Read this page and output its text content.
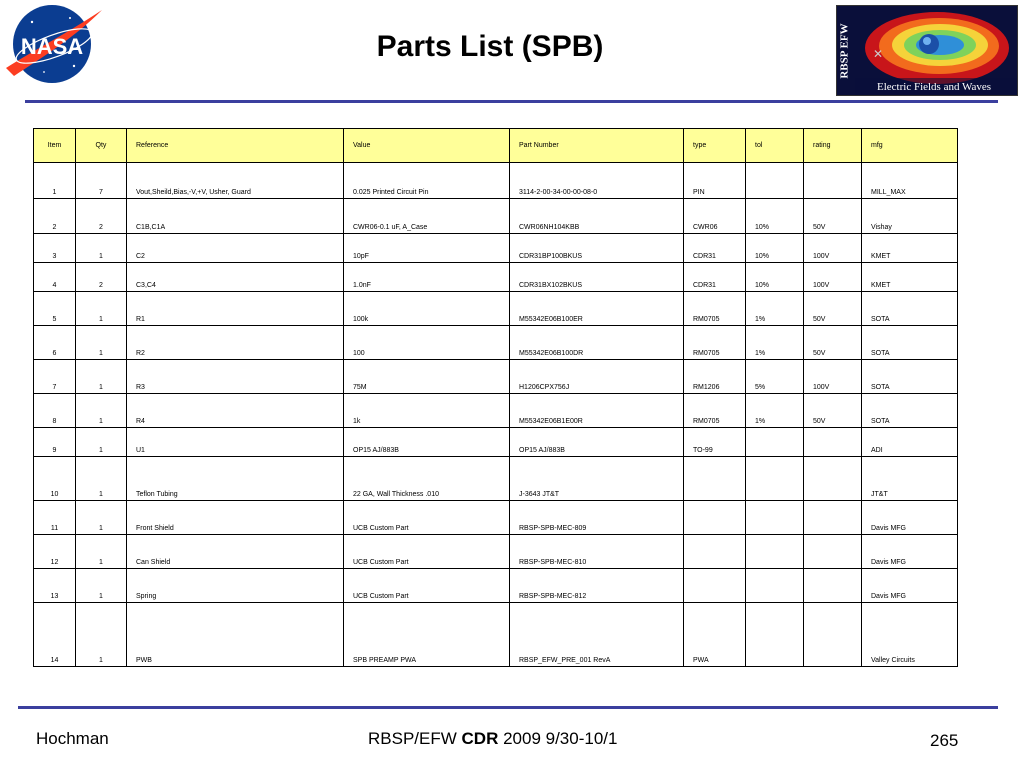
NASA	Parts List (SPB)	RBSP EFW ✕
Electric Fields and Waves
Item	Qty	Reference	Value	Part Number	type	tol	rating	mfg
1	7	Vout,Sheild,Bias,-V,+V, Usher, Guard	0.025 Printed Circuit Pin	3114-2-00-34-00-00-08-0	PIN			MILL_MAX
2	2	C1B,C1A	CWR06-0.1 uF, A_Case	CWR06NH104KBB	CWR06	10%	50V	Vishay
3	1	C2	10pF	CDR31BP100BKUS	CDR31	10%	100V	KMET
4	2	C3,C4	1.0nF	CDR31BX102BKUS	CDR31	10%	100V	KMET
5	1	R1	100k	M55342E06B100ER	RM0705	1%	50V	SOTA
6	1	R2	100	M55342E06B100DR	RM0705	1%	50V	SOTA
7	1	R3	75M	H1206CPX756J	RM1206	5%	100V	SOTA
8	1	R4	1k	M55342E06B1E00R	RM0705	1%	50V	SOTA
9	1	U1	OP15 AJ/883B	OP15 AJ/883B	TO-99			ADI
10	1	Teflon Tubing	22 GA, Wall Thickness .010	J-3643 JT&T				JT&T
11	1	Front Shield	UCB Custom Part	RBSP-SPB-MEC-809				Davis MFG
12	1	Can Shield	UCB Custom Part	RBSP-SPB-MEC-810				Davis MFG
13	1	Spring	UCB Custom Part	RBSP-SPB-MEC-812				Davis MFG
14	1	PWB	SPB PREAMP PWA	RBSP_EFW_PRE_001 RevA	PWA			Valley Circuits
Hochman	RBSP/EFW CDR 2009 9/30-10/1	265
